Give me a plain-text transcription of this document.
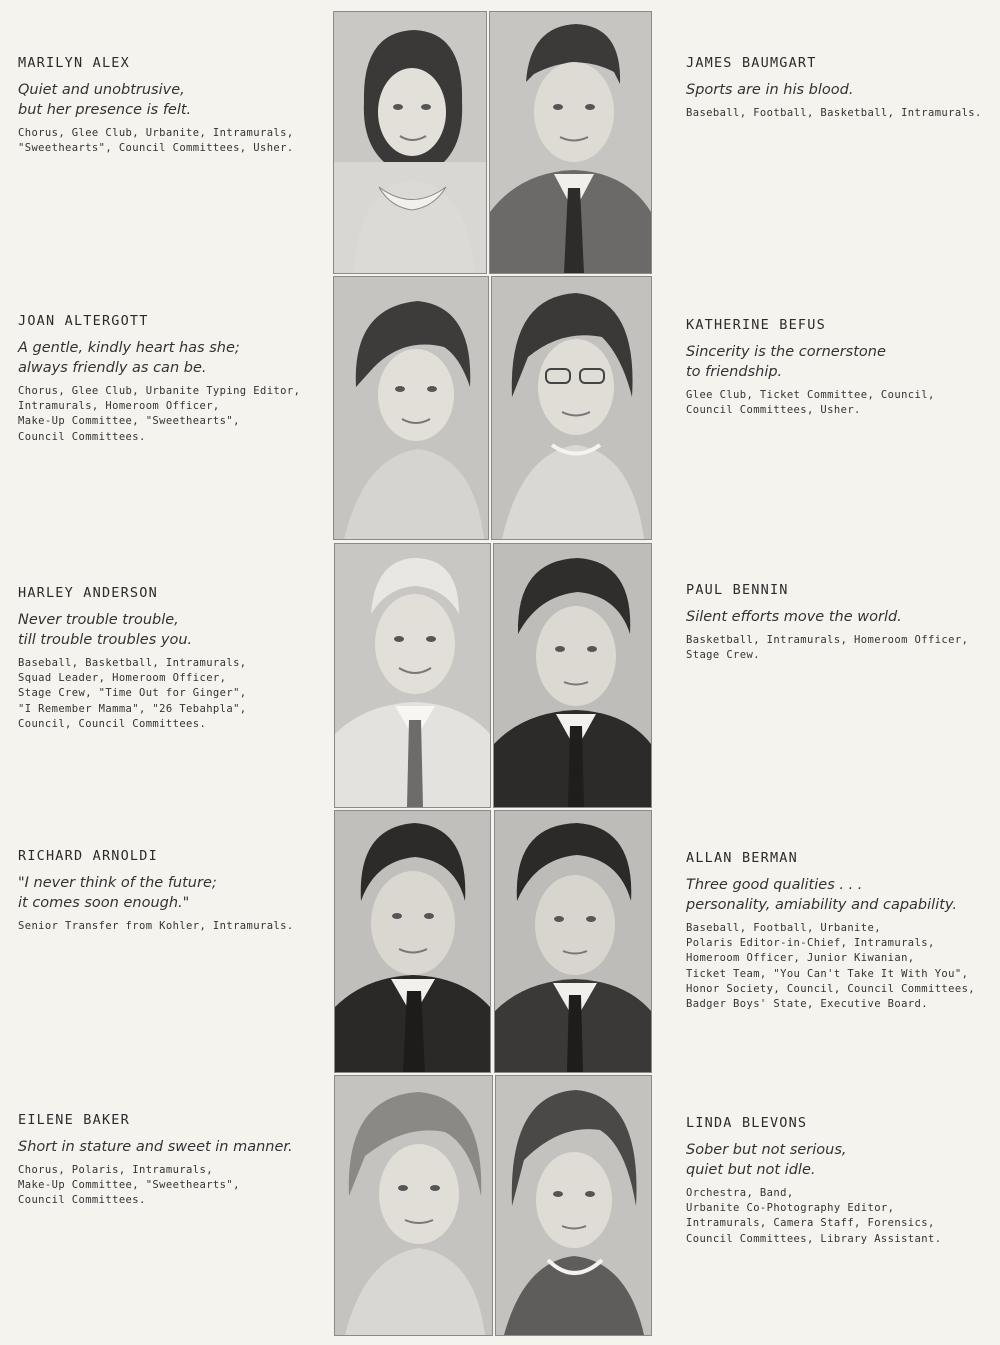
MARILYN ALEX
Quiet and unobtrusive,
but her presence is felt.
Chorus, Glee Club, Urbanite, Intramurals,
"Sweethearts", Council Committees, Usher.
JOAN ALTERGOTT
A gentle, kindly heart has she;
always friendly as can be.
Chorus, Glee Club, Urbanite Typing Editor,
Intramurals, Homeroom Officer,
Make-Up Committee, "Sweethearts",
Council Committees.
HARLEY ANDERSON
Never trouble trouble,
till trouble troubles you.
Baseball, Basketball, Intramurals,
Squad Leader, Homeroom Officer,
Stage Crew, "Time Out for Ginger",
"I Remember Mamma", "26 Tebahpla",
Council, Council Committees.
RICHARD ARNOLDI
"I never think of the future;
it comes soon enough."
Senior Transfer from Kohler, Intramurals.
EILENE BAKER
Short in stature and sweet in manner.
Chorus, Polaris, Intramurals,
Make-Up Committee, "Sweethearts",
Council Committees.
JAMES BAUMGART
Sports are in his blood.
Baseball, Football, Basketball, Intramurals.
KATHERINE BEFUS
Sincerity is the cornerstone
to friendship.
Glee Club, Ticket Committee, Council,
Council Committees, Usher.
PAUL BENNIN
Silent efforts move the world.
Basketball, Intramurals, Homeroom Officer,
Stage Crew.
ALLAN BERMAN
Three good qualities . . .
personality, amiability and capability.
Baseball, Football, Urbanite,
Polaris Editor-in-Chief, Intramurals,
Homeroom Officer, Junior Kiwanian,
Ticket Team, "You Can't Take It With You",
Honor Society, Council, Council Committees,
Badger Boys' State, Executive Board.
LINDA BLEVONS
Sober but not serious,
quiet but not idle.
Orchestra, Band,
Urbanite Co-Photography Editor,
Intramurals, Camera Staff, Forensics,
Council Committees, Library Assistant.
